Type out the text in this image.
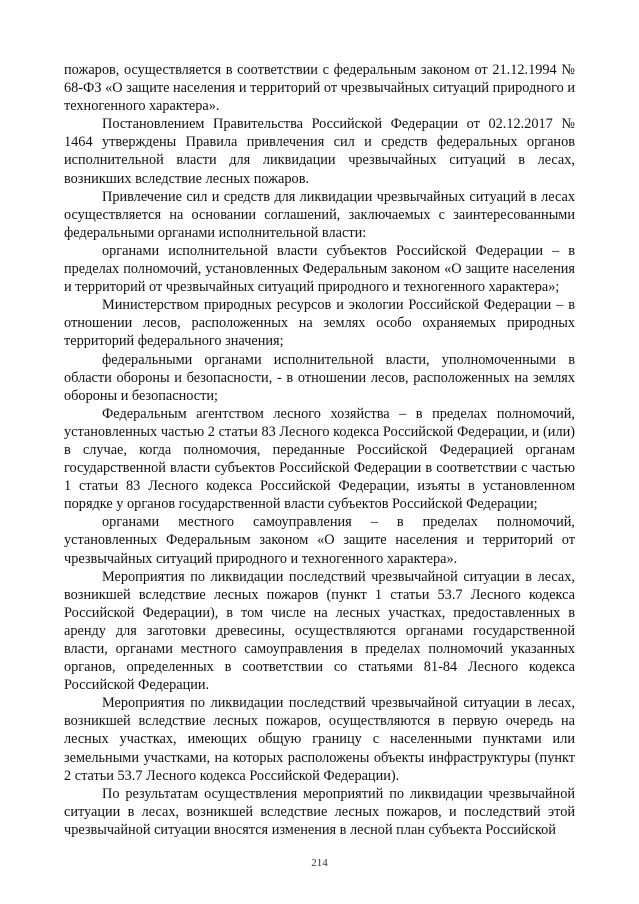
пожаров, осуществляется в соответствии с федеральным законом от 21.12.1994 № 68-ФЗ «О защите населения и территорий от чрезвычайных ситуаций природного и техногенного характера».

Постановлением Правительства Российской Федерации от 02.12.2017 № 1464 утверждены Правила привлечения сил и средств федеральных органов исполнительной власти для ликвидации чрезвычайных ситуаций в лесах, возникших вследствие лесных пожаров.

Привлечение сил и средств для ликвидации чрезвычайных ситуаций в лесах осуществляется на основании соглашений, заключаемых с заинтересованными федеральными органами исполнительной власти:

органами исполнительной власти субъектов Российской Федерации – в пределах полномочий, установленных Федеральным законом «О защите населения и территорий от чрезвычайных ситуаций природного и техногенного характера»;

Министерством природных ресурсов и экологии Российской Федерации – в отношении лесов, расположенных на землях особо охраняемых природных территорий федерального значения;

федеральными органами исполнительной власти, уполномоченными в области обороны и безопасности, - в отношении лесов, расположенных на землях обороны и безопасности;

Федеральным агентством лесного хозяйства – в пределах полномочий, установленных частью 2 статьи 83 Лесного кодекса Российской Федерации, и (или) в случае, когда полномочия, переданные Российской Федерацией органам государственной власти субъектов Российской Федерации в соответствии с частью 1 статьи 83 Лесного кодекса Российской Федерации, изъяты в установленном порядке у органов государственной власти субъектов Российской Федерации;

органами местного самоуправления – в пределах полномочий, установленных Федеральным законом «О защите населения и территорий от чрезвычайных ситуаций природного и техногенного характера».

Мероприятия по ликвидации последствий чрезвычайной ситуации в лесах, возникшей вследствие лесных пожаров (пункт 1 статьи 53.7 Лесного кодекса Российской Федерации), в том числе на лесных участках, предоставленных в аренду для заготовки древесины, осуществляются органами государственной власти, органами местного самоуправления в пределах полномочий указанных органов, определенных в соответствии со статьями 81-84 Лесного кодекса Российской Федерации.

Мероприятия по ликвидации последствий чрезвычайной ситуации в лесах, возникшей вследствие лесных пожаров, осуществляются в первую очередь на лесных участках, имеющих общую границу с населенными пунктами или земельными участками, на которых расположены объекты инфраструктуры (пункт 2 статьи 53.7 Лесного кодекса Российской Федерации).

По результатам осуществления мероприятий по ликвидации чрезвычайной ситуации в лесах, возникшей вследствие лесных пожаров, и последствий этой чрезвычайной ситуации вносятся изменения в лесной план субъекта Российской

214
